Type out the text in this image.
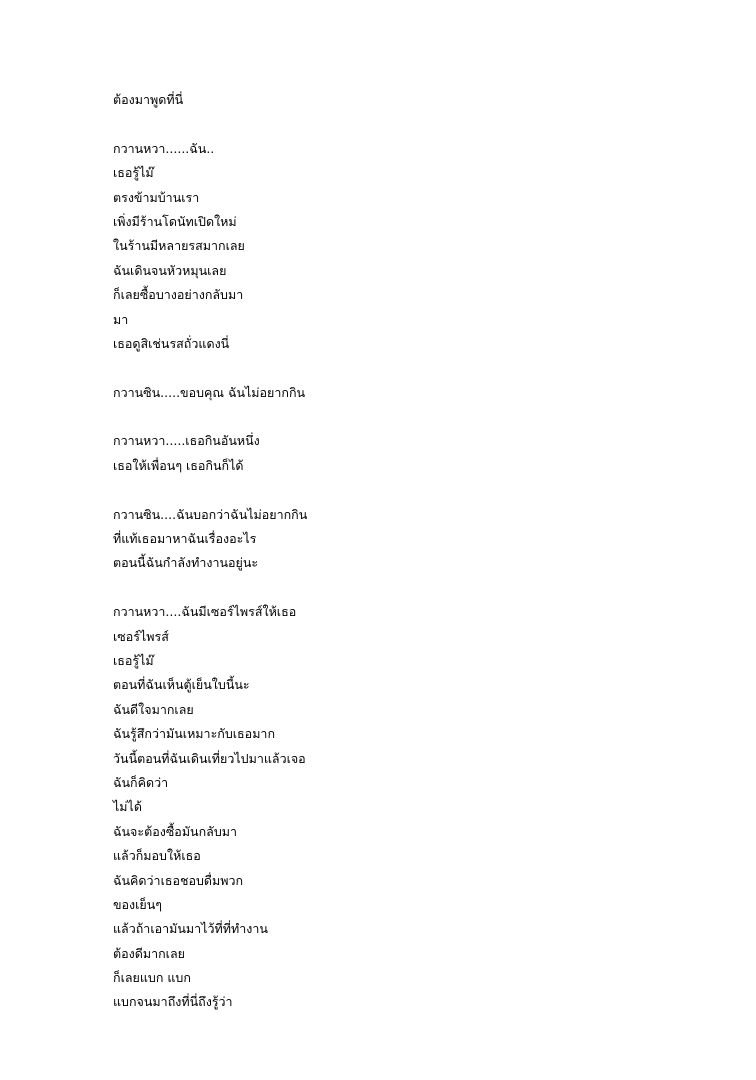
ต้องมาพูดที่นี่
กวานหวา......ฉัน..
เธอรู้ไม๊
ตรงข้ามบ้านเรา
เพิ่งมีร้านโดนัทเปิดใหม่
ในร้านมีหลายรสมากเลย
ฉันเดินจนหัวหมุนเลย
ก็เลยซื้อบางอย่างกลับมา
มา
เธอดูสิเช่นรสถั่วแดงนี่
กวานซิน.....ขอบคุณ ฉันไม่อยากกิน
กวานหวา.....เธอกินอันหนึ่ง
เธอให้เพื่อนๆ เธอกินก็ได้
กวานซิน....ฉันบอกว่าฉันไม่อยากกิน
ที่แท้เธอมาหาฉันเรื่องอะไร
ตอนนี้ฉันกำลังทำงานอยู่นะ
กวานหวา....ฉันมีเซอร์ไพรส์ให้เธอ
เซอร์ไพรส์
เธอรู้ไม๊
ตอนที่ฉันเห็นตู้เย็นใบนี้นะ
ฉันดีใจมากเลย
ฉันรู้สึกว่ามันเหมาะกับเธอมาก
วันนี้ตอนที่ฉันเดินเที่ยวไปมาแล้วเจอ
ฉันก็คิดว่า
ไม่ได้
ฉันจะต้องซื้อมันกลับมา
แล้วก็มอบให้เธอ
ฉันคิดว่าเธอชอบดื่มพวก
ของเย็นๆ
แล้วถ้าเอามันมาไว้ที่ที่ทำงาน
ต้องดีมากเลย
ก็เลยแบก แบก
แบกจนมาถึงที่นี่ถึงรู้ว่า
